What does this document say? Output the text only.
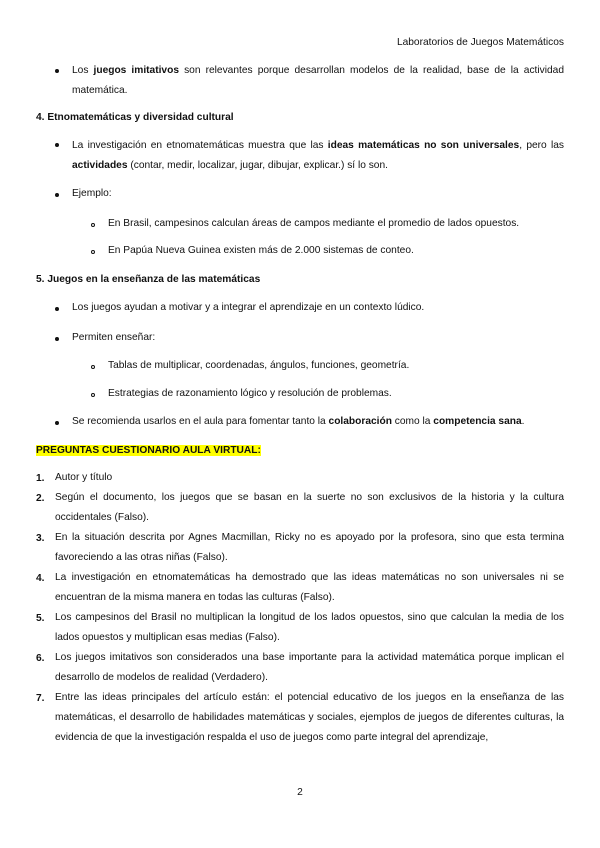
Laboratorios de Juegos Matemáticos
Los juegos imitativos son relevantes porque desarrollan modelos de la realidad, base de la actividad matemática.
4. Etnomatemáticas y diversidad cultural
La investigación en etnomatemáticas muestra que las ideas matemáticas no son universales, pero las actividades (contar, medir, localizar, jugar, dibujar, explicar.) sí lo son.
Ejemplo:
En Brasil, campesinos calculan áreas de campos mediante el promedio de lados opuestos.
En Papúa Nueva Guinea existen más de 2.000 sistemas de conteo.
5. Juegos en la enseñanza de las matemáticas
Los juegos ayudan a motivar y a integrar el aprendizaje en un contexto lúdico.
Permiten enseñar:
Tablas de multiplicar, coordenadas, ángulos, funciones, geometría.
Estrategias de razonamiento lógico y resolución de problemas.
Se recomienda usarlos en el aula para fomentar tanto la colaboración como la competencia sana.
PREGUNTAS CUESTIONARIO AULA VIRTUAL:
1. Autor y título
2. Según el documento, los juegos que se basan en la suerte no son exclusivos de la historia y la cultura occidentales (Falso).
3. En la situación descrita por Agnes Macmillan, Ricky no es apoyado por la profesora, sino que esta termina favoreciendo a las otras niñas (Falso).
4. La investigación en etnomatemáticas ha demostrado que las ideas matemáticas no son universales ni se encuentran de la misma manera en todas las culturas (Falso).
5. Los campesinos del Brasil no multiplican la longitud de los lados opuestos, sino que calculan la media de los lados opuestos y multiplican esas medias (Falso).
6. Los juegos imitativos son considerados una base importante para la actividad matemática porque implican el desarrollo de modelos de realidad (Verdadero).
7. Entre las ideas principales del artículo están: el potencial educativo de los juegos en la enseñanza de las matemáticas, el desarrollo de habilidades matemáticas y sociales, ejemplos de juegos de diferentes culturas, la evidencia de que la investigación respalda el uso de juegos como parte integral del aprendizaje,
2
